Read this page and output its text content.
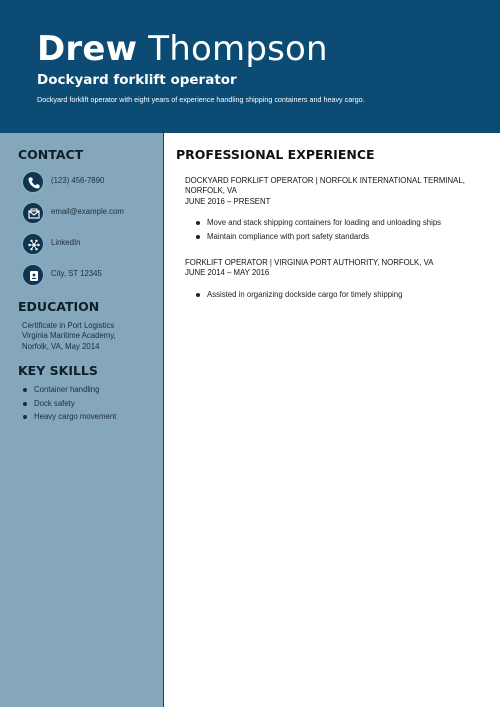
Drew Thompson
Dockyard forklift operator
Dockyard forklift operator with eight years of experience handling shipping containers and heavy cargo.
CONTACT
(123) 456-7890
email@example.com
LinkedIn
City, ST 12345
EDUCATION
Certificate in Port Logistics
Virginia Maritime Academy,
Norfolk, VA, May 2014
KEY SKILLS
Container handling
Dock safety
Heavy cargo movement
PROFESSIONAL EXPERIENCE
DOCKYARD FORKLIFT OPERATOR | NORFOLK INTERNATIONAL TERMINAL, NORFOLK, VA
JUNE 2016 – PRESENT
Move and stack shipping containers for loading and unloading ships
Maintain compliance with port safety standards
FORKLIFT OPERATOR | VIRGINIA PORT AUTHORITY, NORFOLK, VA
JUNE 2014 – MAY 2016
Assisted in organizing dockside cargo for timely shipping
